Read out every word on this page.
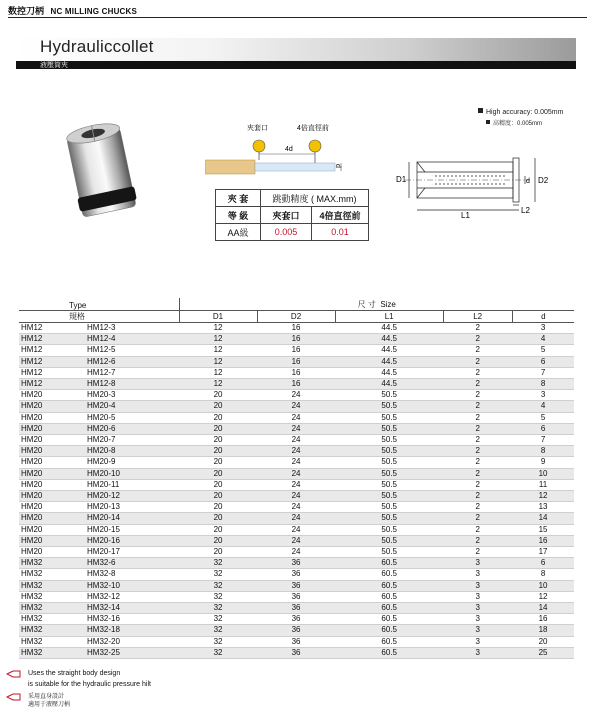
数控刀柄 NC MILLING CHUCKS
Hydrauliccollet
液壓筒夾
High accuracy: 0.005mm
高精度：0.005mm
夾套口	4倍直徑前
4d
d
夾 套	跳動精度 ( MAX.mm)	
等 級	夾套口	4倍直徑前
AA級	0.005	0.01
D1	d D2
L1
L2
Type		尺 寸 Size				
規格		D1	D2	L1	L2	d
HM12	HM12-3	12	16	44.5	2	3
HM12	HM12-4	12	16	44.5	2	4
HM12	HM12-5	12	16	44.5	2	5
HM12	HM12-6	12	16	44.5	2	6
HM12	HM12-7	12	16	44.5	2	7
HM12	HM12-8	12	16	44.5	2	8
HM20	HM20-3	20	24	50.5	2	3
HM20	HM20-4	20	24	50.5	2	4
HM20	HM20-5	20	24	50.5	2	5
HM20	HM20-6	20	24	50.5	2	6
HM20	HM20-7	20	24	50.5	2	7
HM20	HM20-8	20	24	50.5	2	8
HM20	HM20-9	20	24	50.5	2	9
HM20	HM20-10	20	24	50.5	2	10
HM20	HM20-11	20	24	50.5	2	11
HM20	HM20-12	20	24	50.5	2	12
HM20	HM20-13	20	24	50.5	2	13
HM20	HM20-14	20	24	50.5	2	14
HM20	HM20-15	20	24	50.5	2	15
HM20	HM20-16	20	24	50.5	2	16
HM20	HM20-17	20	24	50.5	2	17
HM32	HM32-6	32	36	60.5	3	6
HM32	HM32-8	32	36	60.5	3	8
HM32	HM32-10	32	36	60.5	3	10
HM32	HM32-12	32	36	60.5	3	12
HM32	HM32-14	32	36	60.5	3	14
HM32	HM32-16	32	36	60.5	3	16
HM32	HM32-18	32	36	60.5	3	18
HM32	HM32-20	32	36	60.5	3	20
HM32	HM32-25	32	36	60.5	3	25
Uses the straight body design
is suitable for the hydraulic pressure hilt
采用直身設計
適用于液壓刀柄
